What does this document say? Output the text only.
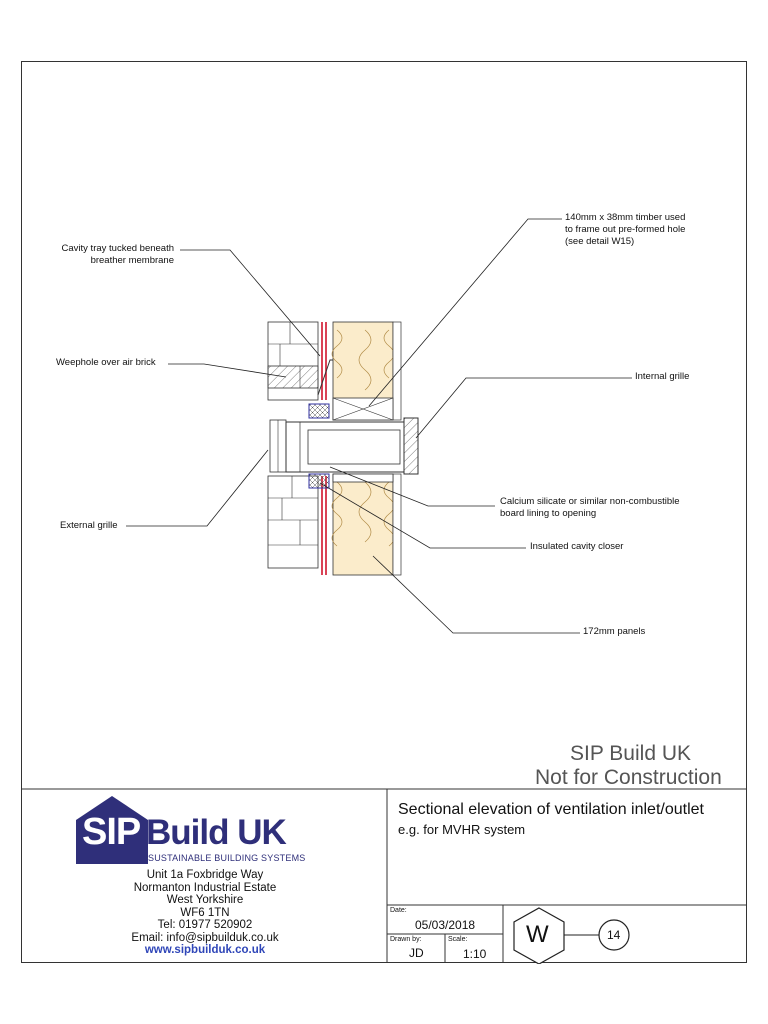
140mm x 38mm timber used
to frame out pre-formed hole
(see detail W15)
Cavity tray tucked beneath
breather membrane
Weephole over air brick
Internal grille
Calcium silicate or similar non-combustible
board lining to opening
Insulated cavity closer
External grille
172mm panels
SIP Build UK
Not for Construction
SIP Build UK
SUSTAINABLE BUILDING SYSTEMS
Unit 1a Foxbridge Way
Normanton Industrial Estate
West Yorkshire
WF6 1TN
Tel: 01977 520902
Email: info@sipbuilduk.co.uk
www.sipbuilduk.co.uk
Sectional elevation of ventilation inlet/outlet
e.g. for MVHR system
Date:
05/03/2018
Drawn by:
JD
Scale:
1:10
W	14
